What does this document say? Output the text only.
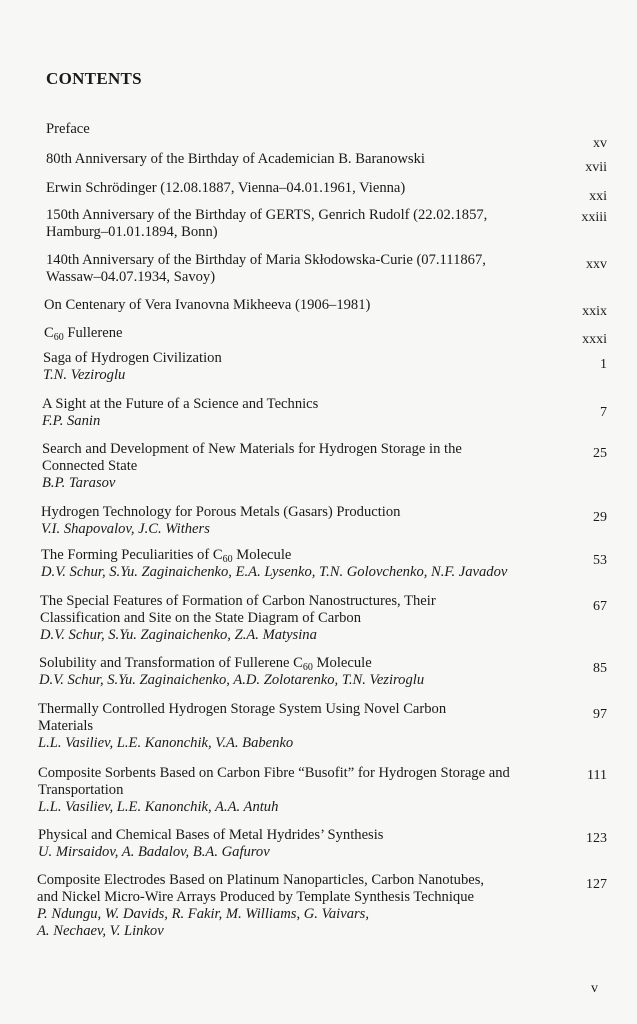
CONTENTS
Preface
xv
80th Anniversary of the Birthday of Academician B. Baranowski
xvii
Erwin Schrödinger (12.08.1887, Vienna–04.01.1961, Vienna)
xxi
150th Anniversary of the Birthday of GERTS, Genrich Rudolf (22.02.1857,
Hamburg–01.01.1894, Bonn)
xxiii
140th Anniversary of the Birthday of Maria Skłodowska-Curie (07.111867,
Wassaw–04.07.1934, Savoy)
xxv
On Centenary of Vera Ivanovna Mikheeva (1906–1981)	xxix
$C_{60}$ Fullerene	xxxi
Saga of Hydrogen Civilization
T.N. Veziroglu
1
A Sight at the Future of a Science and Technics
F.P. Sanin
7
Search and Development of New Materials for Hydrogen Storage in the
Connected State
B.P. Tarasov
25
Hydrogen Technology for Porous Metals (Gasars) Production
V.I. Shapovalov, J.C. Withers
29
The Forming Peculiarities of $C_{60}$ Molecule
D.V. Schur, S.Yu. Zaginaichenko, E.A. Lysenko, T.N. Golovchenko, N.F. Javadov
53
The Special Features of Formation of Carbon Nanostructures, Their
Classification and Site on the State Diagram of Carbon
D.V. Schur, S.Yu. Zaginaichenko, Z.A. Matysina
67
Solubility and Transformation of Fullerene $C_{60}$ Molecule
D.V. Schur, S.Yu. Zaginaichenko, A.D. Zolotarenko, T.N. Veziroglu
85
Thermally Controlled Hydrogen Storage System Using Novel Carbon
Materials
L.L. Vasiliev, L.E. Kanonchik, V.A. Babenko
97
Composite Sorbents Based on Carbon Fibre “Busofit” for Hydrogen Storage and
Transportation
L.L. Vasiliev, L.E. Kanonchik, A.A. Antuh
111
Physical and Chemical Bases of Metal Hydrides’ Synthesis
U. Mirsaidov, A. Badalov, B.A. Gafurov
123
Composite Electrodes Based on Platinum Nanoparticles, Carbon Nanotubes,
and Nickel Micro-Wire Arrays Produced by Template Synthesis Technique
P. Ndungu, W. Davids, R. Fakir, M. Williams, G. Vaivars,
A. Nechaev, V. Linkov
127
v
